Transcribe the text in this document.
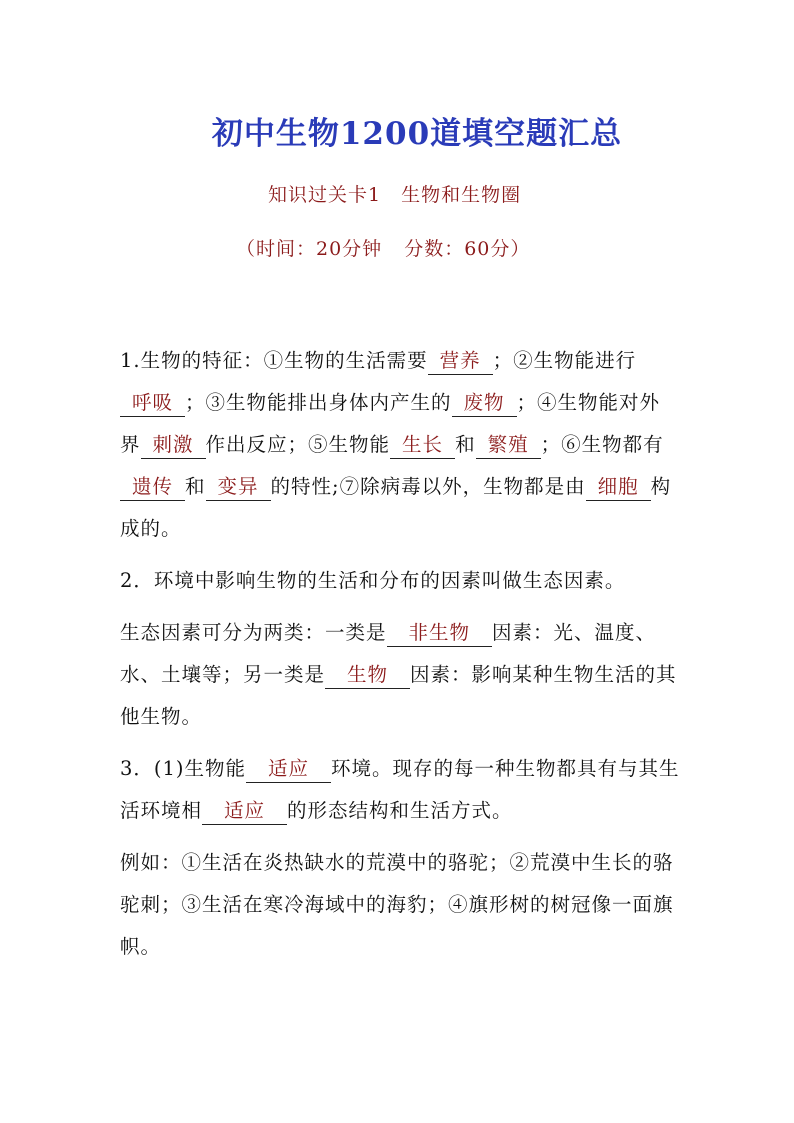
初中生物1200道填空题汇总
知识过关卡1 生物和生物圈
（时间：20分钟 分数：60分）

1.生物的特征：①生物的生活需要 营养 ；②生物能进行呼吸 ；③生物能排出身体内产生的 废物 ；④生物能对外界 刺激 作出反应；⑤生物能 生长 和 繁殖 ；⑥生物都有遗传 和 变异 的特性;⑦除病毒以外，生物都是由 细胞 构成的。

2．环境中影响生物的生活和分布的因素叫做生态因素。

生态因素可分为两类：一类是 非生物 因素：光、温度、水、土壤等；另一类是 生物 因素：影响某种生物生活的其他生物。

3．(1)生物能 适应 环境。现存的每一种生物都具有与其生活环境相 适应 的形态结构和生活方式。

例如：①生活在炎热缺水的荒漠中的骆驼；②荒漠中生长的骆驼刺；③生活在寒冷海域中的海豹；④旗形树的树冠像一面旗帜。
